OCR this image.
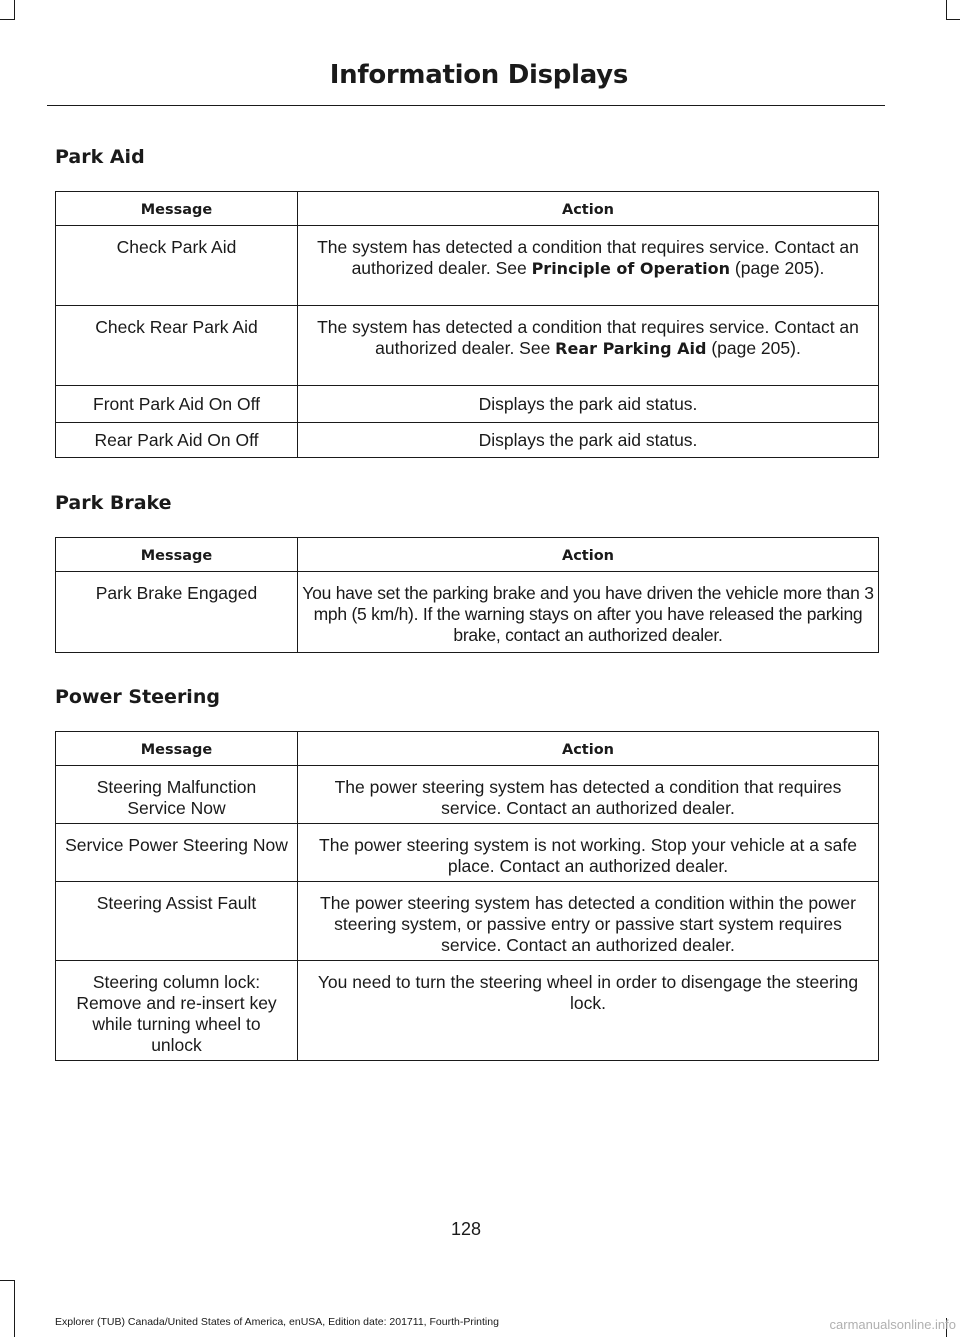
Information Displays
Park Aid
Message	Action
Check Park Aid	The system has detected a condition that requires service. Contact an authorized dealer. See Principle of Operation (page 205).
Check Rear Park Aid	The system has detected a condition that requires service. Contact an authorized dealer. See Rear Parking Aid (page 205).
Front Park Aid On Off	Displays the park aid status.
Rear Park Aid On Off	Displays the park aid status.
Park Brake
Message	Action
Park Brake Engaged	You have set the parking brake and you have driven the vehicle more than 3 mph (5 km/h). If the warning stays on after you have released the parking brake, contact an authorized dealer.
Power Steering
Message	Action
Steering Malfunction Service Now	The power steering system has detected a condition that requires service. Contact an authorized dealer.
Service Power Steering Now	The power steering system is not working. Stop your vehicle at a safe place. Contact an authorized dealer.
Steering Assist Fault	The power steering system has detected a condition within the power steering system, or passive entry or passive start system requires service. Contact an authorized dealer.
Steering column lock: Remove and re-insert key while turning wheel to unlock	You need to turn the steering wheel in order to disengage the steering lock.
128
Explorer (TUB) Canada/United States of America, enUSA, Edition date: 201711, Fourth-Printing	carmanualsonline.info
